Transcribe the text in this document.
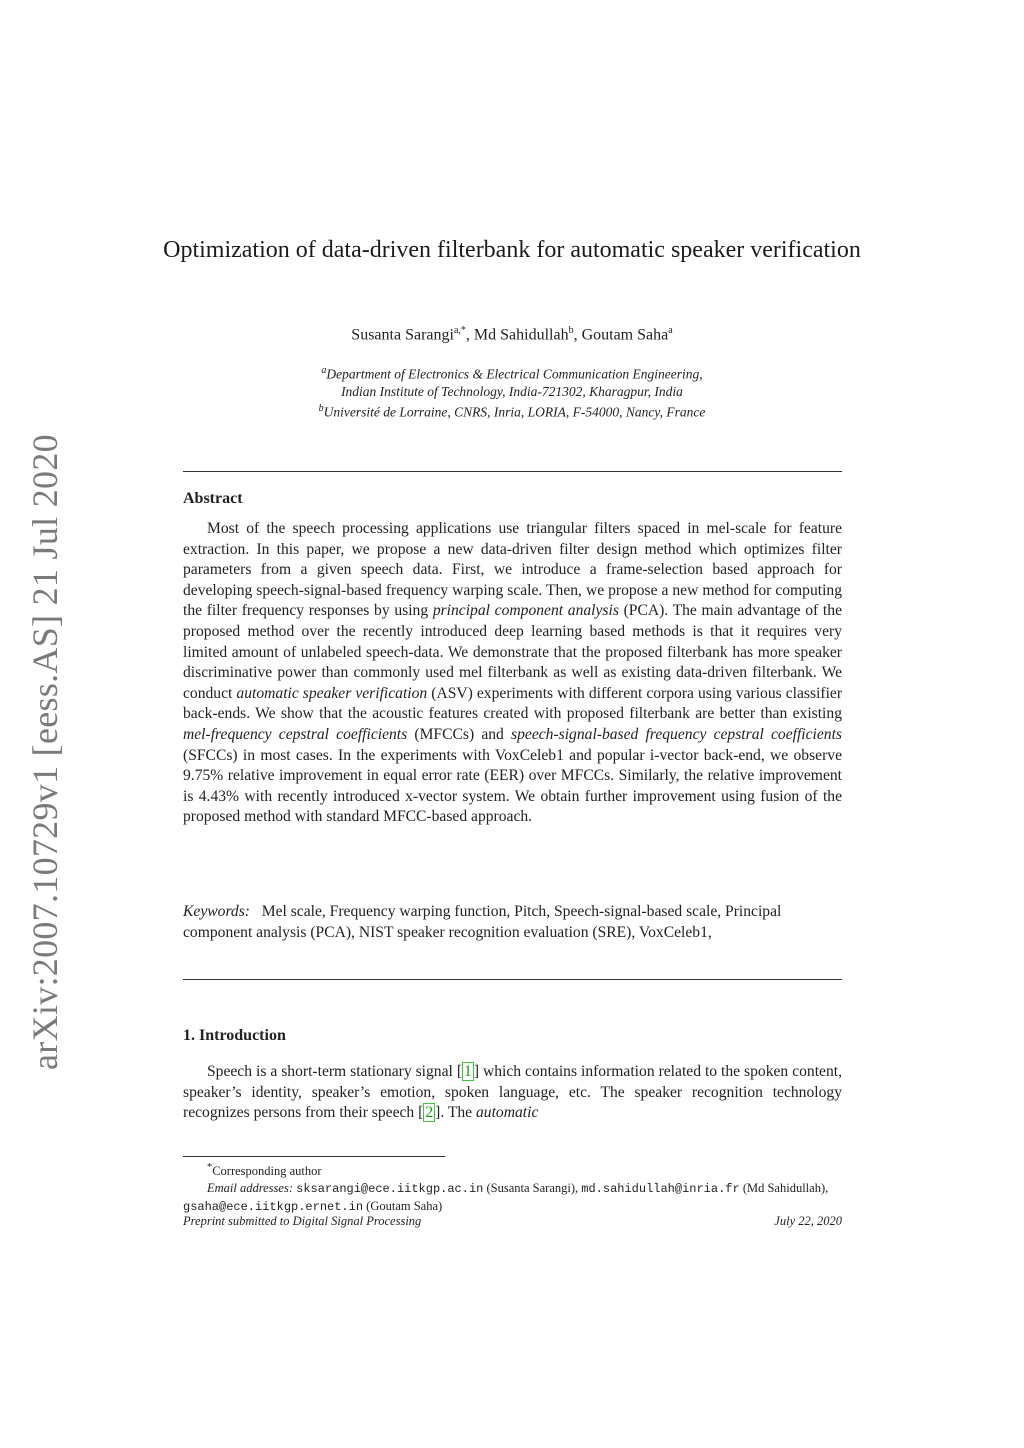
arXiv:2007.10729v1 [eess.AS] 21 Jul 2020
Optimization of data-driven filterbank for automatic speaker verification
Susanta Sarangi$^{a,*}$, Md Sahidullah$^b$, Goutam Saha$^a$
$^a$Department of Electronics & Electrical Communication Engineering,
Indian Institute of Technology, India-721302, Kharagpur, India
$^b$Université de Lorraine, CNRS, Inria, LORIA, F-54000, Nancy, France
Abstract

Most of the speech processing applications use triangular filters spaced in mel-scale for feature extraction. In this paper, we propose a new data-driven filter design method which optimizes filter parameters from a given speech data. First, we introduce a frame-selection based approach for developing speech-signal-based frequency warping scale. Then, we propose a new method for computing the filter frequency responses by using principal component analysis (PCA). The main advantage of the proposed method over the recently introduced deep learning based methods is that it requires very limited amount of unlabeled speech-data. We demonstrate that the proposed filterbank has more speaker discriminative power than commonly used mel filterbank as well as existing data-driven filterbank. We conduct automatic speaker verification (ASV) experiments with different corpora using various classifier back-ends. We show that the acoustic features created with proposed filterbank are better than existing mel-frequency cepstral coefficients (MFCCs) and speech-signal-based frequency cepstral coefficients (SFCCs) in most cases. In the experiments with VoxCeleb1 and popular i-vector back-end, we observe 9.75% relative improvement in equal error rate (EER) over MFCCs. Similarly, the relative improvement is 4.43% with recently introduced x-vector system. We obtain further improvement using fusion of the proposed method with standard MFCC-based approach.

Keywords: Mel scale, Frequency warping function, Pitch, Speech-signal-based scale, Principal component analysis (PCA), NIST speaker recognition evaluation (SRE), VoxCeleb1,

1. Introduction

Speech is a short-term stationary signal [ 1 ] which contains information related to the spoken content, speaker’s identity, speaker’s emotion, spoken language, etc. The speaker recognition technology recognizes persons from their speech [ 2 ]. The automatic

*Corresponding author
Email addresses: sksarangi@ece.iitkgp.ac.in (Susanta Sarangi), md.sahidullah@inria.fr (Md Sahidullah), gsaha@ece.iitkgp.ernet.in (Goutam Saha)

Preprint submitted to Digital Signal Processing	July 22, 2020
